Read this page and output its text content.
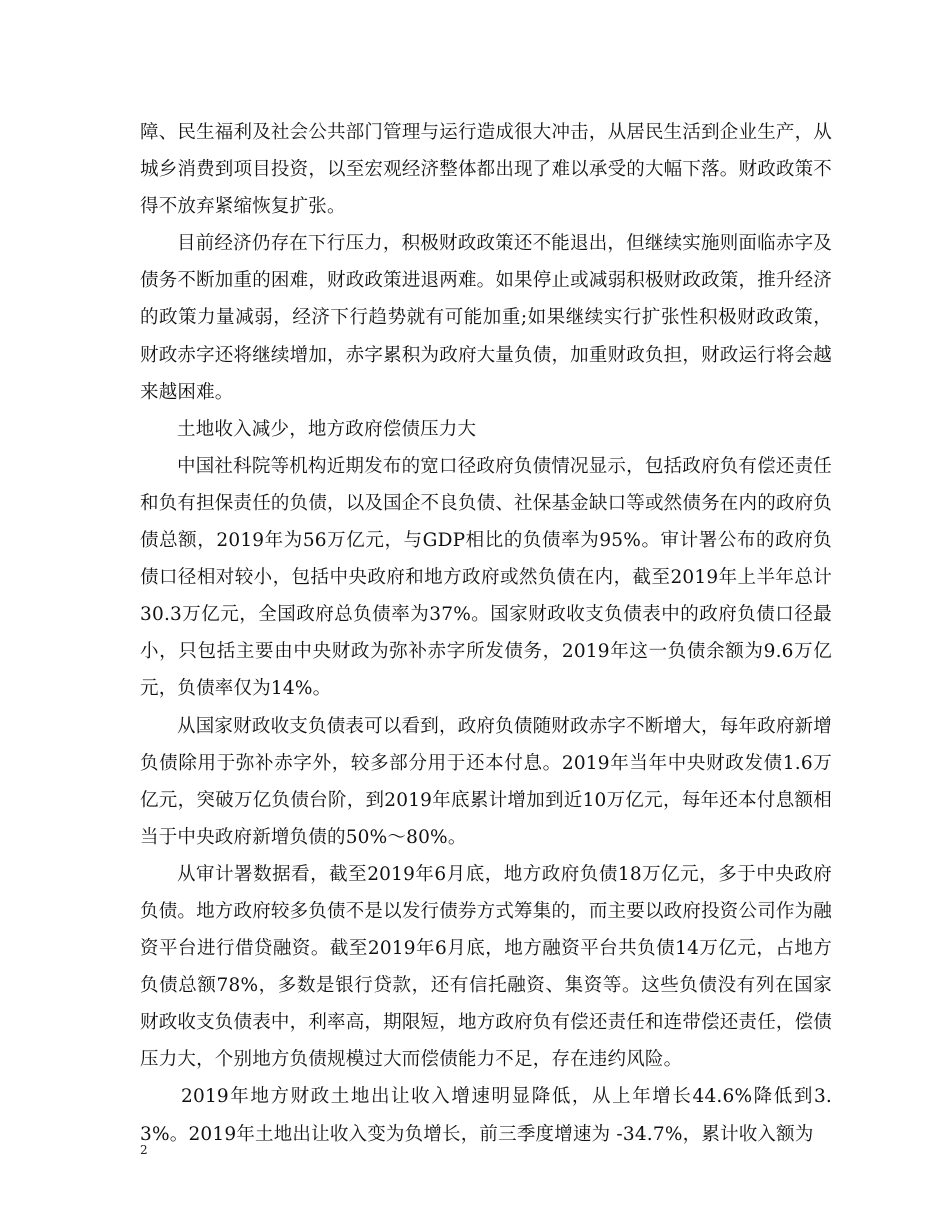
障、民生福利及社会公共部门管理与运行造成很大冲击，从居民生活到企业生产，从城乡消费到项目投资，以至宏观经济整体都出现了难以承受的大幅下落。财政政策不得不放弃紧缩恢复扩张。

目前经济仍存在下行压力，积极财政政策还不能退出，但继续实施则面临赤字及债务不断加重的困难，财政政策进退两难。如果停止或减弱积极财政政策，推升经济的政策力量减弱，经济下行趋势就有可能加重;如果继续实行扩张性积极财政政策，财政赤字还将继续增加，赤字累积为政府大量负债，加重财政负担，财政运行将会越来越困难。

土地收入减少，地方政府偿债压力大

中国社科院等机构近期发布的宽口径政府负债情况显示，包括政府负有偿还责任和负有担保责任的负债，以及国企不良负债、社保基金缺口等或然债务在内的政府负债总额，2019年为56万亿元，与GDP相比的负债率为95%。审计署公布的政府负债口径相对较小，包括中央政府和地方政府或然负债在内，截至2019年上半年总计30.3万亿元，全国政府总负债率为37%。国家财政收支负债表中的政府负债口径最小，只包括主要由中央财政为弥补赤字所发债务，2019年这一负债余额为9.6万亿元，负债率仅为14%。

从国家财政收支负债表可以看到，政府负债随财政赤字不断增大，每年政府新增负债除用于弥补赤字外，较多部分用于还本付息。2019年当年中央财政发债1.6万亿元，突破万亿负债台阶，到2019年底累计增加到近10万亿元，每年还本付息额相当于中央政府新增负债的50%～80%。

从审计署数据看，截至2019年6月底，地方政府负债18万亿元，多于中央政府负债。地方政府较多负债不是以发行债券方式筹集的，而主要以政府投资公司作为融资平台进行借贷融资。截至2019年6月底，地方融资平台共负债14万亿元，占地方负债总额78%，多数是银行贷款，还有信托融资、集资等。这些负债没有列在国家财政收支负债表中，利率高，期限短，地方政府负有偿还责任和连带偿还责任，偿债压力大，个别地方负债规模过大而偿债能力不足，存在违约风险。

2019年地方财政土地出让收入增速明显降低，从上年增长44.6%降低到3.3%。2019年土地出让收入变为负增长，前三季度增速为 -34.7%，累计收入额为

2
